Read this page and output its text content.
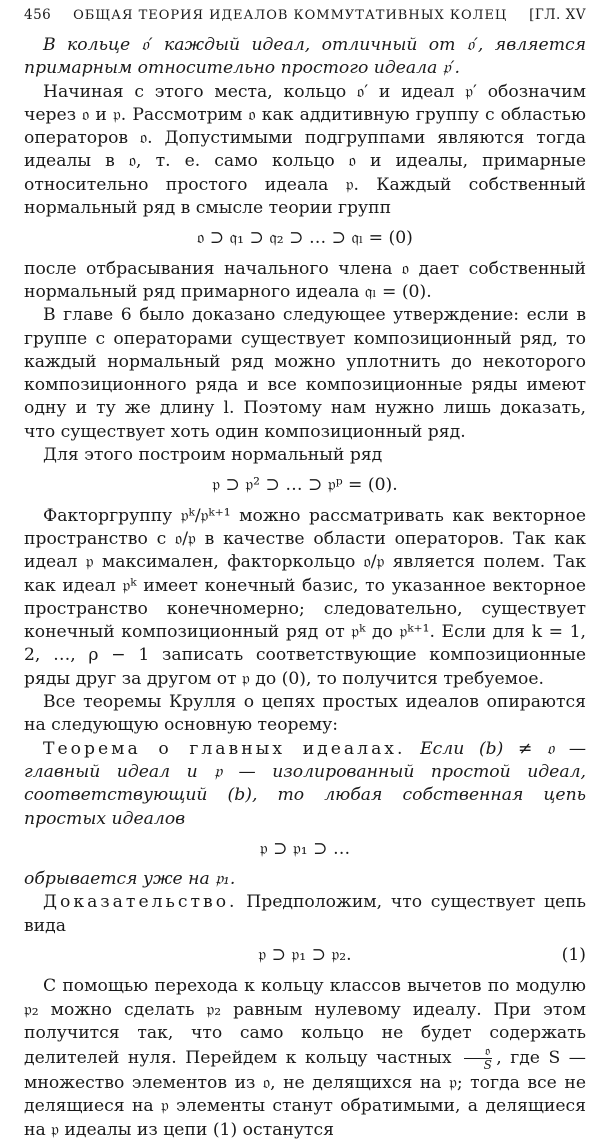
456 ОБЩАЯ ТЕОРИЯ ИДЕАЛОВ КОММУТАТИВНЫХ КОЛЕЦ [ГЛ. XV

В кольце 𝔬′ каждый идеал, отличный от 𝔬′, является примарным относительно простого идеала 𝔭′.

Начиная с этого места, кольцо 𝔬′ и идеал 𝔭′ обозначим через 𝔬 и 𝔭. Рассмотрим 𝔬 как аддитивную группу с областью операторов 𝔬. Допустимыми подгруппами являются тогда идеалы в 𝔬, т. е. само кольцо 𝔬 и идеалы, примарные относительно простого идеала 𝔭. Каждый собственный нормальный ряд в смысле теории групп

𝔬 ⊃ 𝔮₁ ⊃ 𝔮₂ ⊃ … ⊃ 𝔮ₗ = (0)

после отбрасывания начального члена 𝔬 дает собственный нормальный ряд примарного идеала 𝔮ₗ = (0).

В главе 6 было доказано следующее утверждение: если в группе с операторами существует композиционный ряд, то каждый нормальный ряд можно уплотнить до некоторого композиционного ряда и все композиционные ряды имеют одну и ту же длину l. Поэтому нам нужно лишь доказать, что существует хоть один композиционный ряд.

Для этого построим нормальный ряд

𝔭 ⊃ 𝔭² ⊃ … ⊃ 𝔭ᵖ = (0).

Факторгруппу 𝔭ᵏ/𝔭ᵏ⁺¹ можно рассматривать как векторное пространство с 𝔬/𝔭 в качестве области операторов. Так как идеал 𝔭 максимален, факторкольцо 𝔬/𝔭 является полем. Так как идеал 𝔭ᵏ имеет конечный базис, то указанное векторное пространство конечномерно; следовательно, существует конечный композиционный ряд от 𝔭ᵏ до 𝔭ᵏ⁺¹. Если для k = 1, 2, …, ρ − 1 записать соответствующие композиционные ряды друг за другом от 𝔭 до (0), то получится требуемое.

Все теоремы Крулля о цепях простых идеалов опираются на следующую основную теорему:

Теорема о главных идеалах. Если (b) ≠ 𝔬 — главный идеал и 𝔭 — изолированный простой идеал, соответствующий (b), то любая собственная цепь простых идеалов

𝔭 ⊃ 𝔭₁ ⊃ …

обрывается уже на 𝔭₁.

Доказательство. Предположим, что существует цепь вида

𝔭 ⊃ 𝔭₁ ⊃ 𝔭₂.	(1)

С помощью перехода к кольцу классов вычетов по модулю 𝔭₂ можно сделать 𝔭₂ равным нулевому идеалу. При этом получится так, что само кольцо не будет содержать делителей нуля. Перейдем к кольцу частных $\frac{\text{𝔬}}{S}$ , где S — множество элементов из 𝔬, не делящихся на 𝔭; тогда все не делящиеся на 𝔭 элементы станут обратимыми, а делящиеся на 𝔭 идеалы из цепи (1) останутся
